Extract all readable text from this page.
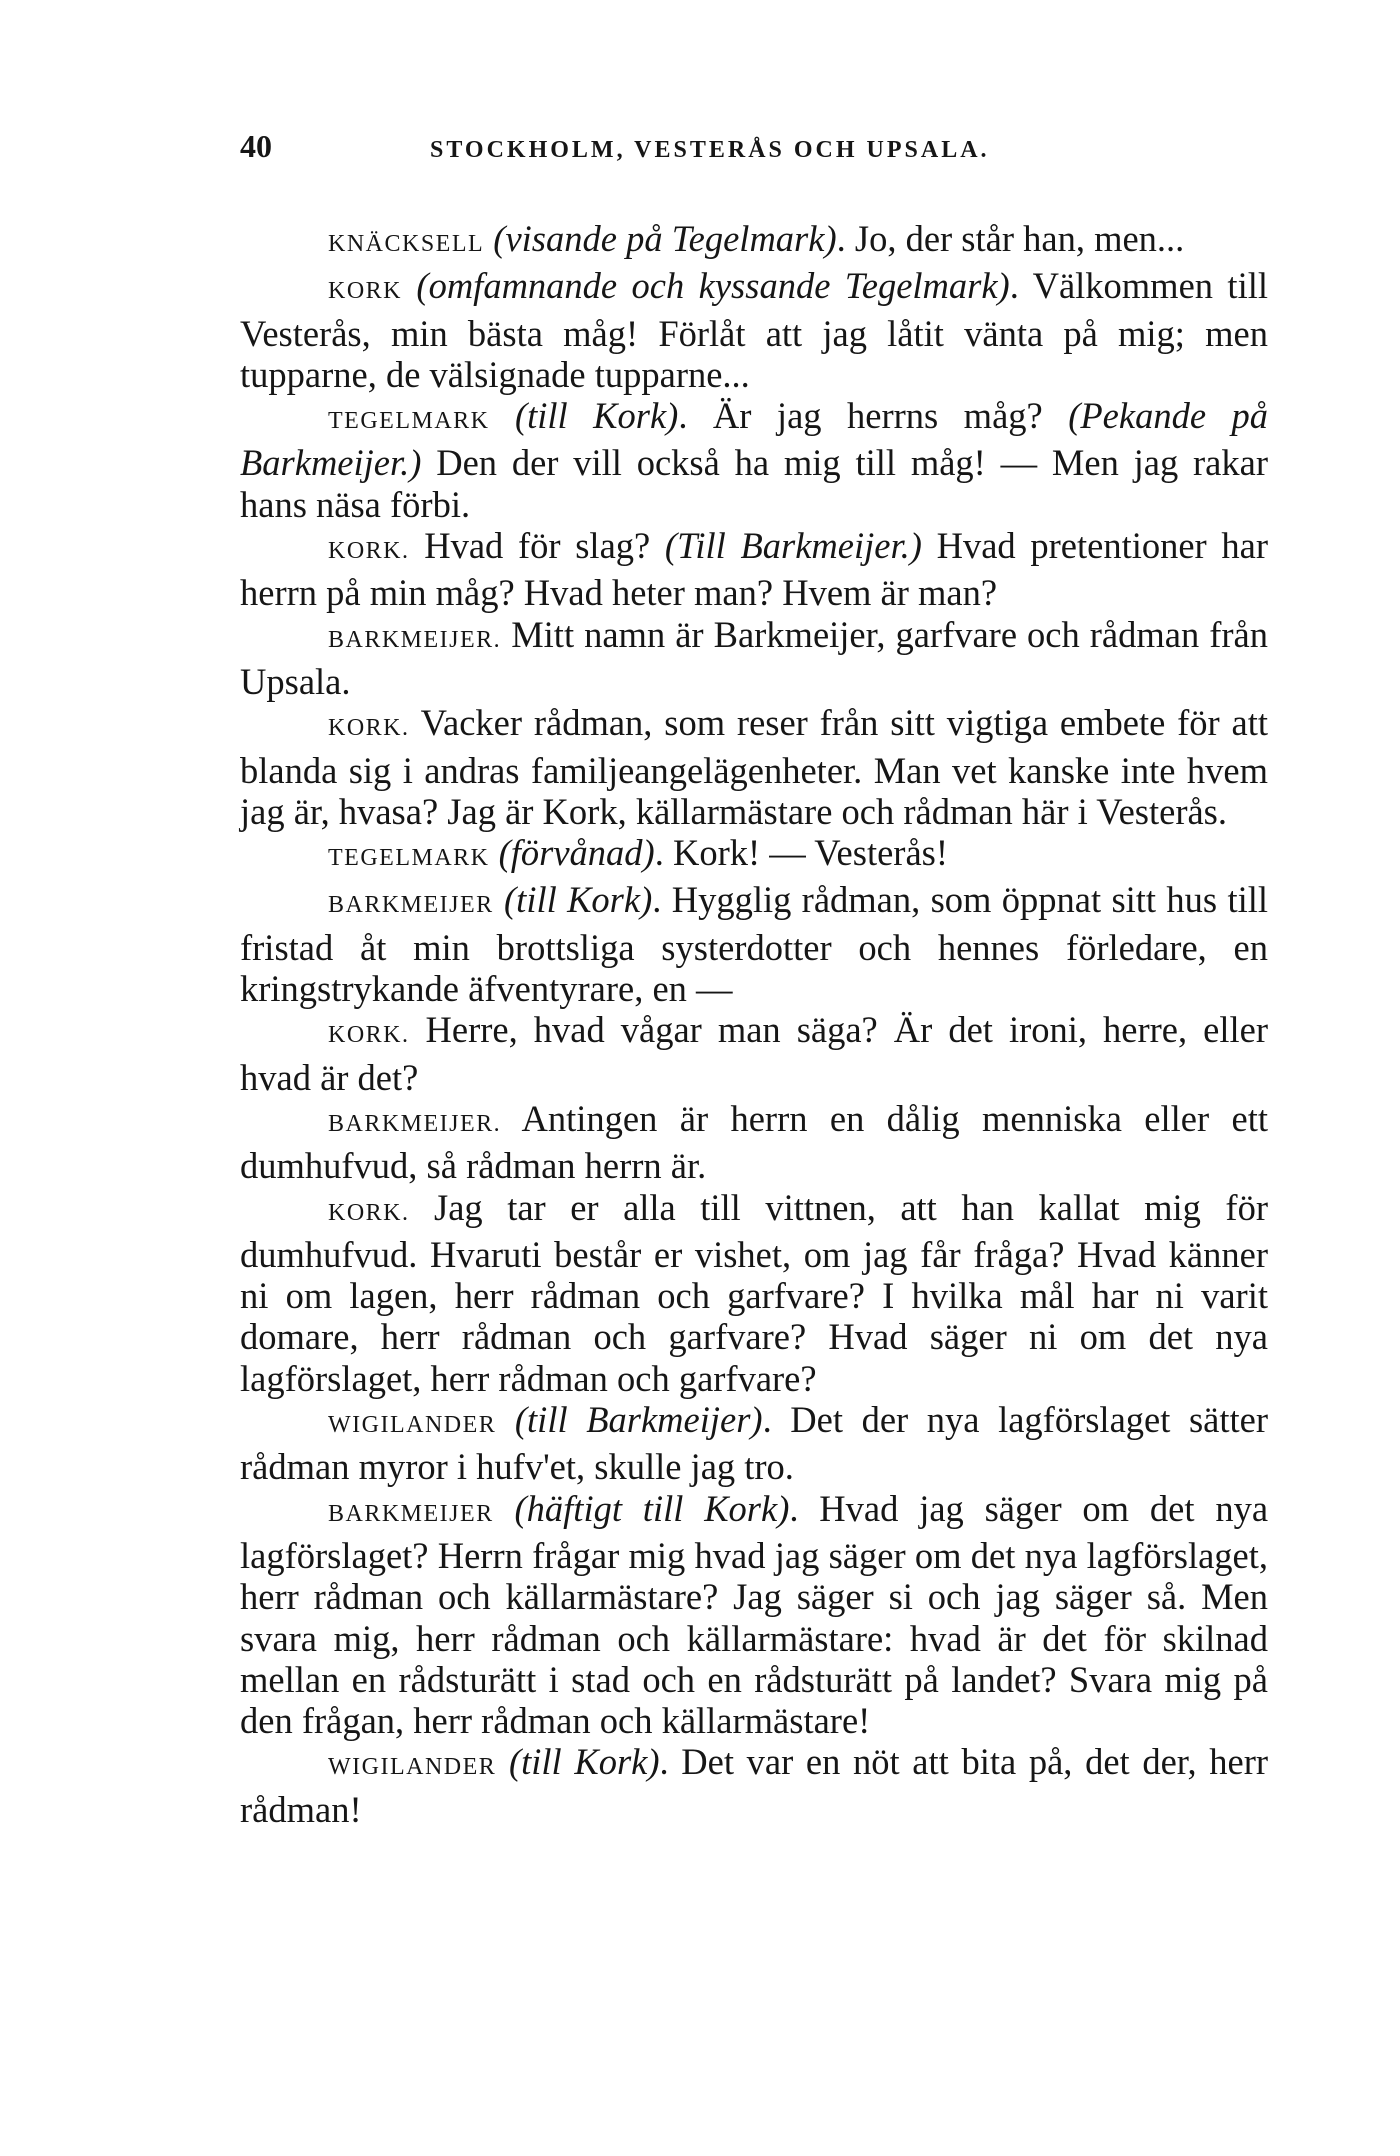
40	STOCKHOLM, VESTERÅS OCH UPSALA.

KNÄCKSELL (visande på Tegelmark). Jo, der står han, men...

KORK (omfamnande och kyssande Tegelmark). Välkommen till Vesterås, min bästa måg! Förlåt att jag låtit vänta på mig; men tupparne, de välsignade tupparne...

TEGELMARK (till Kork). Är jag herrns måg? (Pekande på Barkmeijer.) Den der vill också ha mig till måg! — Men jag rakar hans näsa förbi.

KORK. Hvad för slag? (Till Barkmeijer.) Hvad pretentioner har herrn på min måg? Hvad heter man? Hvem är man?

BARKMEIJER. Mitt namn är Barkmeijer, garfvare och rådman från Upsala.

KORK. Vacker rådman, som reser från sitt vigtiga embete för att blanda sig i andras familjeangelägenheter. Man vet kanske inte hvem jag är, hvasa? Jag är Kork, källarmästare och rådman här i Vesterås.

TEGELMARK (förvånad). Kork! — Vesterås!

BARKMEIJER (till Kork). Hygglig rådman, som öppnat sitt hus till fristad åt min brottsliga systerdotter och hennes förledare, en kringstrykande äfventyrare, en —

KORK. Herre, hvad vågar man säga? Är det ironi, herre, eller hvad är det?

BARKMEIJER. Antingen är herrn en dålig menniska eller ett dumhufvud, så rådman herrn är.

KORK. Jag tar er alla till vittnen, att han kallat mig för dumhufvud. Hvaruti består er vishet, om jag får fråga? Hvad känner ni om lagen, herr rådman och garfvare? I hvilka mål har ni varit domare, herr rådman och garfvare? Hvad säger ni om det nya lagförslaget, herr rådman och garfvare?

WIGILANDER (till Barkmeijer). Det der nya lagförslaget sätter rådman myror i hufv'et, skulle jag tro.

BARKMEIJER (häftigt till Kork). Hvad jag säger om det nya lagförslaget? Herrn frågar mig hvad jag säger om det nya lagförslaget, herr rådman och källarmästare? Jag säger si och jag säger så. Men svara mig, herr rådman och källarmästare: hvad är det för skilnad mellan en rådsturätt i stad och en rådsturätt på landet? Svara mig på den frågan, herr rådman och källarmästare!

WIGILANDER (till Kork). Det var en nöt att bita på, det der, herr rådman!
